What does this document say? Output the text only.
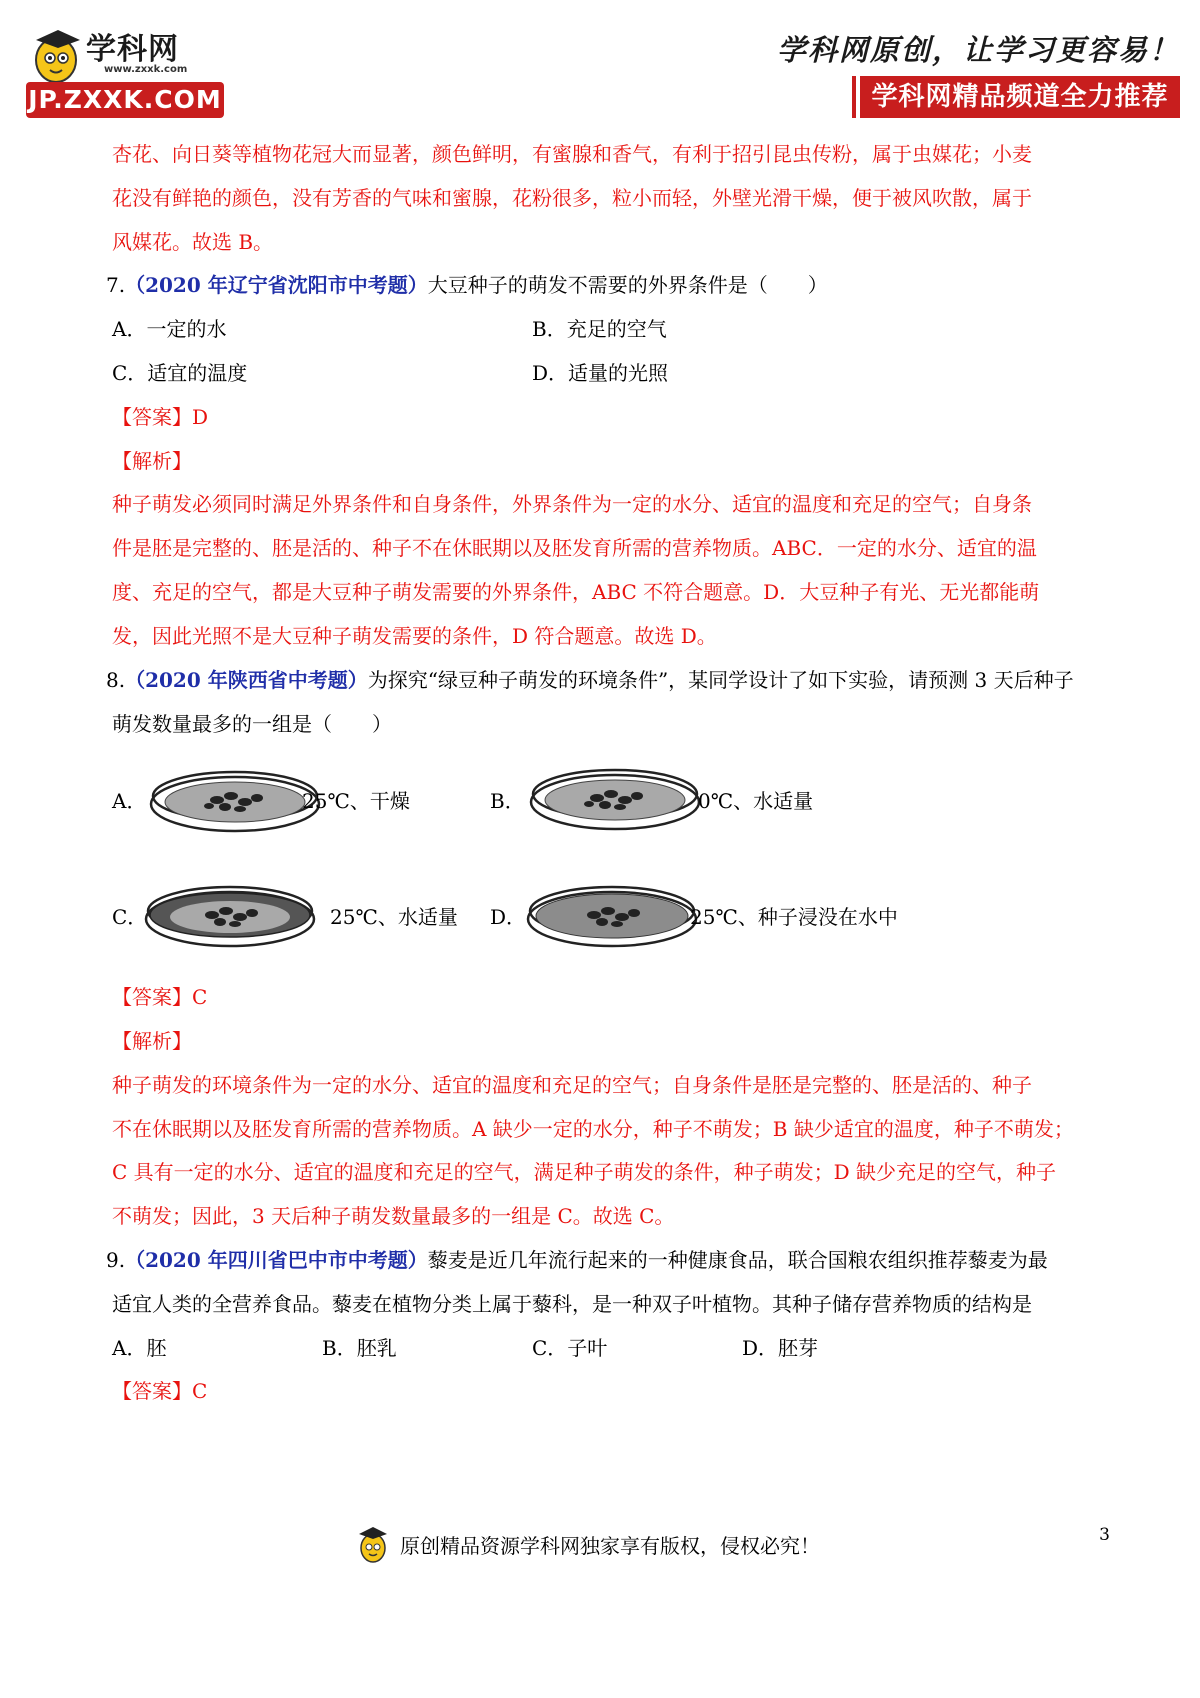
学科网
www.zxxk.com
JP.ZXXK.COM
学科网原创，让学习更容易！
学科网精品频道全力推荐
杏花、向日葵等植物花冠大而显著，颜色鲜明，有蜜腺和香气，有利于招引昆虫传粉，属于虫媒花；小麦
花没有鲜艳的颜色，没有芳香的气味和蜜腺，花粉很多，粒小而轻，外壁光滑干燥，便于被风吹散，属于
风媒花。故选 B。
7.（2020 年辽宁省沈阳市中考题）大豆种子的萌发不需要的外界条件是（　　）
A．一定的水	B．充足的空气
C．适宜的温度	D．适量的光照
【答案】D
【解析】
种子萌发必须同时满足外界条件和自身条件，外界条件为一定的水分、适宜的温度和充足的空气；自身条
件是胚是完整的、胚是活的、种子不在休眠期以及胚发育所需的营养物质。ABC．一定的水分、适宜的温
度、充足的空气，都是大豆种子萌发需要的外界条件，ABC 不符合题意。D．大豆种子有光、无光都能萌
发，因此光照不是大豆种子萌发需要的条件，D 符合题意。故选 D。
8.（2020 年陕西省中考题）为探究“绿豆种子萌发的环境条件”，某同学设计了如下实验，请预测 3 天后种子
萌发数量最多的一组是（　　）
A．	25℃、干燥	B．	0℃、水适量
C．	25℃、水适量 D．	25℃、种子浸没在水中
【答案】C
【解析】
种子萌发的环境条件为一定的水分、适宜的温度和充足的空气；自身条件是胚是完整的、胚是活的、种子
不在休眠期以及胚发育所需的营养物质。A 缺少一定的水分，种子不萌发；B 缺少适宜的温度，种子不萌发；
C 具有一定的水分、适宜的温度和充足的空气，满足种子萌发的条件，种子萌发；D 缺少充足的空气，种子
不萌发；因此，3 天后种子萌发数量最多的一组是 C。故选 C。
9.（2020 年四川省巴中市中考题）藜麦是近几年流行起来的一种健康食品，联合国粮农组织推荐藜麦为最
适宜人类的全营养食品。藜麦在植物分类上属于藜科，是一种双子叶植物。其种子储存营养物质的结构是
A．胚	B．胚乳	C．子叶	D．胚芽
【答案】C
原创精品资源学科网独家享有版权，侵权必究！	3
